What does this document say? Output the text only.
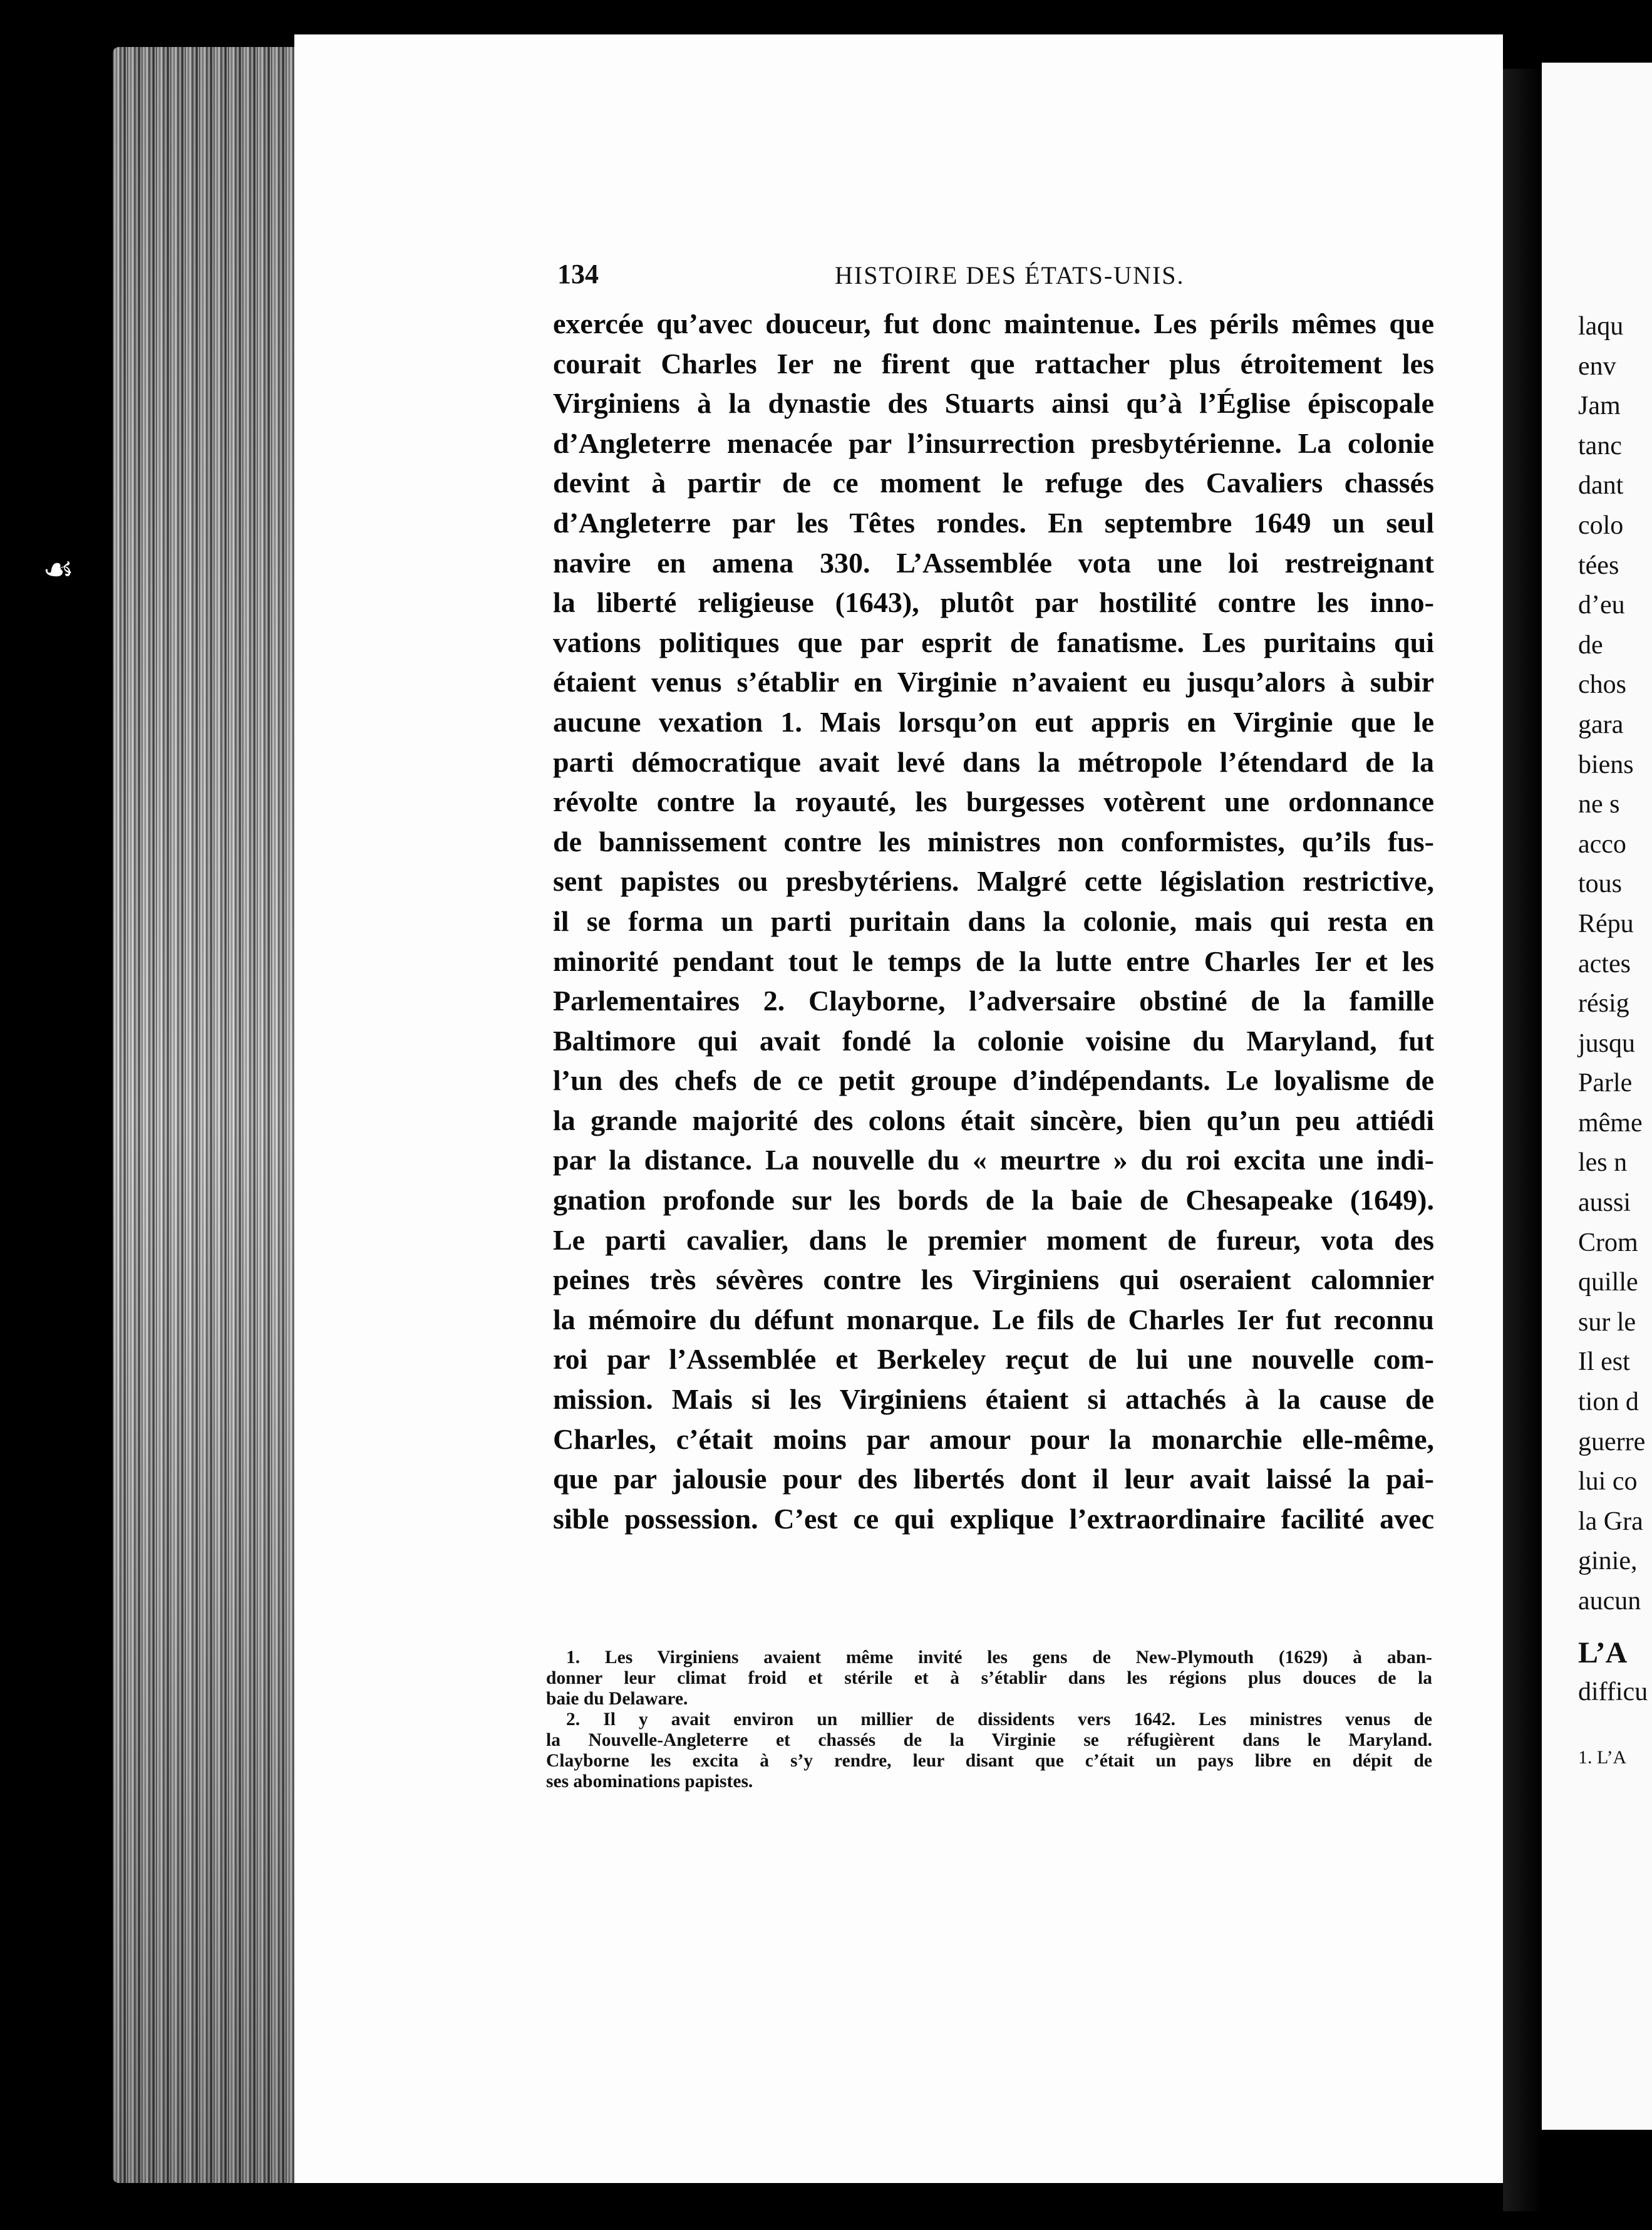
☙
134	HISTOIRE DES ÉTATS-UNIS.
exercée qu’avec douceur, fut donc maintenue. Les périls mêmes que
courait Charles Ier ne firent que rattacher plus étroitement les
Virginiens à la dynastie des Stuarts ainsi qu’à l’Église épiscopale
d’Angleterre menacée par l’insurrection presbytérienne. La colonie
devint à partir de ce moment le refuge des Cavaliers chassés
d’Angleterre par les Têtes rondes. En septembre 1649 un seul
navire en amena 330. L’Assemblée vota une loi restreignant
la liberté religieuse (1643), plutôt par hostilité contre les inno-
vations politiques que par esprit de fanatisme. Les puritains qui
étaient venus s’établir en Virginie n’avaient eu jusqu’alors à subir
aucune vexation 1. Mais lorsqu’on eut appris en Virginie que le
parti démocratique avait levé dans la métropole l’étendard de la
révolte contre la royauté, les burgesses votèrent une ordonnance
de bannissement contre les ministres non conformistes, qu’ils fus-
sent papistes ou presbytériens. Malgré cette législation restrictive,
il se forma un parti puritain dans la colonie, mais qui resta en
minorité pendant tout le temps de la lutte entre Charles Ier et les
Parlementaires 2. Clayborne, l’adversaire obstiné de la famille
Baltimore qui avait fondé la colonie voisine du Maryland, fut
l’un des chefs de ce petit groupe d’indépendants. Le loyalisme de
la grande majorité des colons était sincère, bien qu’un peu attiédi
par la distance. La nouvelle du « meurtre » du roi excita une indi-
gnation profonde sur les bords de la baie de Chesapeake (1649).
Le parti cavalier, dans le premier moment de fureur, vota des
peines très sévères contre les Virginiens qui oseraient calomnier
la mémoire du défunt monarque. Le fils de Charles Ier fut reconnu
roi par l’Assemblée et Berkeley reçut de lui une nouvelle com-
mission. Mais si les Virginiens étaient si attachés à la cause de
Charles, c’était moins par amour pour la monarchie elle-même,
que par jalousie pour des libertés dont il leur avait laissé la pai-
sible possession. C’est ce qui explique l’extraordinaire facilité avec
1. Les Virginiens avaient même invité les gens de New-Plymouth (1629) à aban-
donner leur climat froid et stérile et à s’établir dans les régions plus douces de la
baie du Delaware.
2. Il y avait environ un millier de dissidents vers 1642. Les ministres venus de
la Nouvelle-Angleterre et chassés de la Virginie se réfugièrent dans le Maryland.
Clayborne les excita à s’y rendre, leur disant que c’était un pays libre en dépit de
ses abominations papistes.
laqu
env
Jam
tanc
dant
colo
tées
d’eu
de
chos
gara
biens
ne s
acco
tous
Répu
actes
résig
jusqu
Parle
même
les n
aussi
Crom
quille
sur le
Il est
tion d
guerre
lui co
la Gra
ginie,
aucun
L’A
difficu
1. L’A
